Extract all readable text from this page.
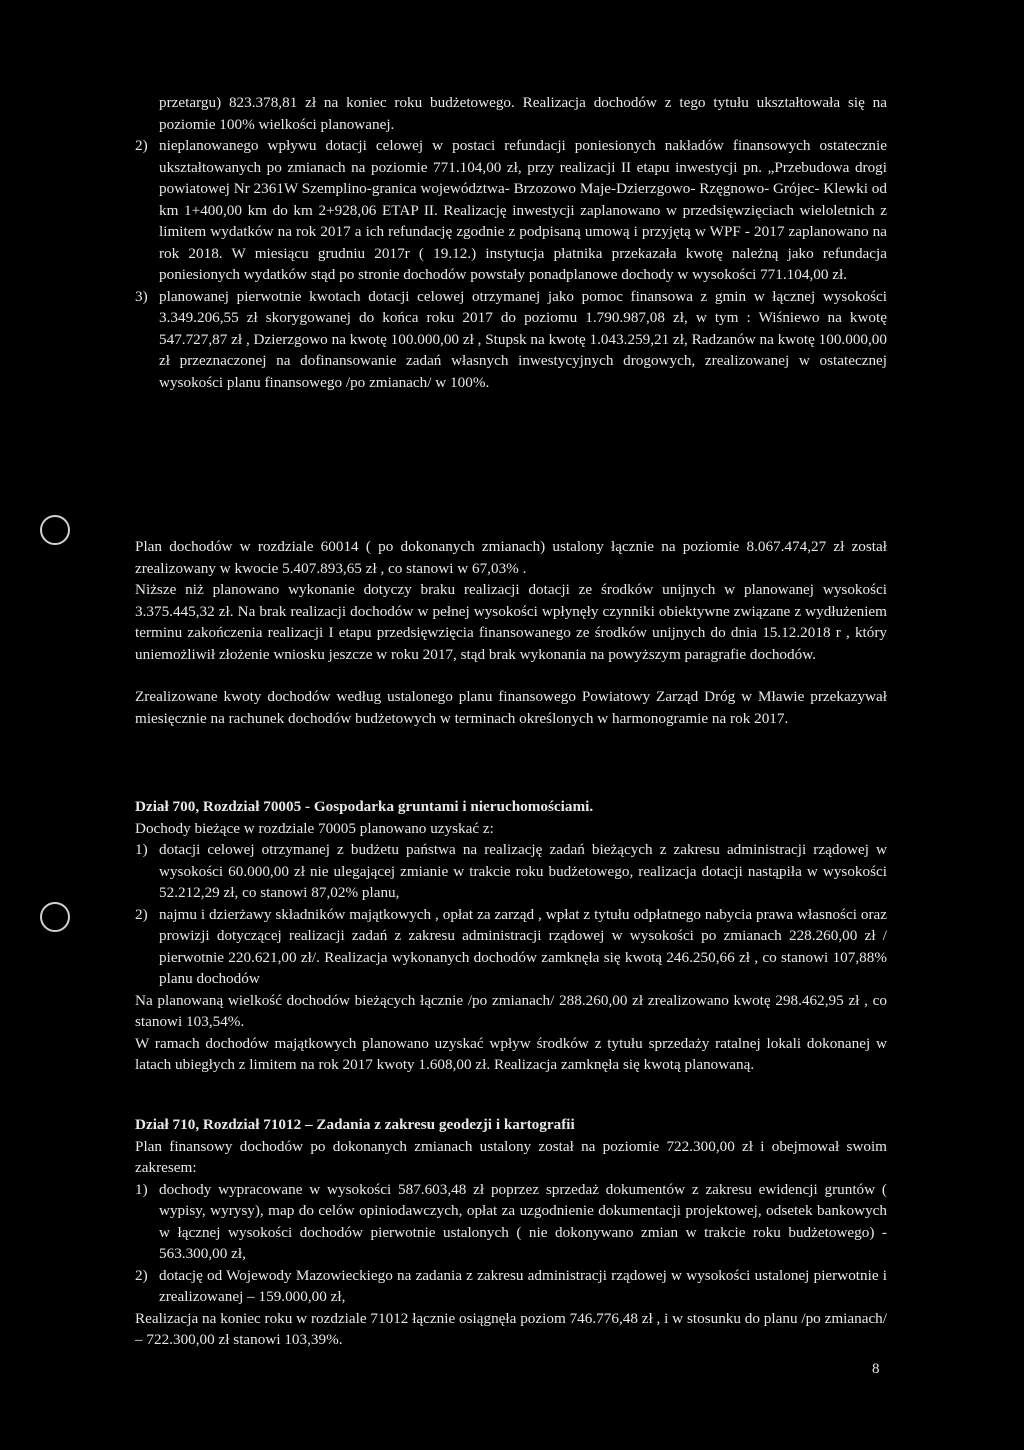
przetargu) 823.378,81 zł na koniec roku budżetowego. Realizacja dochodów z tego tytułu ukształtowała się na poziomie 100% wielkości planowanej.
2) nieplanowanego wpływu dotacji celowej w postaci refundacji poniesionych nakładów finansowych ostatecznie ukształtowanych po zmianach na poziomie 771.104,00 zł, przy realizacji II etapu inwestycji pn. „Przebudowa drogi powiatowej Nr 2361W Szemplino-granica województwa- Brzozowo Maje-Dzierzgowo- Rzęgnowo- Grójec- Klewki od km 1+400,00 km do km 2+928,06 ETAP II. Realizację inwestycji zaplanowano w przedsięwzięciach wieloletnich z limitem wydatków na rok 2017 a ich refundację zgodnie z podpisaną umową i przyjętą w WPF - 2017 zaplanowano na rok 2018. W miesiącu grudniu 2017r ( 19.12.) instytucja płatnika przekazała kwotę należną jako refundacja poniesionych wydatków stąd po stronie dochodów powstały ponadplanowe dochody w wysokości 771.104,00 zł.
3) planowanej pierwotnie kwotach dotacji celowej otrzymanej jako pomoc finansowa z gmin w łącznej wysokości 3.349.206,55 zł skorygowanej do końca roku 2017 do poziomu 1.790.987,08 zł, w tym : Wiśniewo na kwotę 547.727,87 zł , Dzierzgowo na kwotę 100.000,00 zł , Stupsk na kwotę 1.043.259,21 zł, Radzanów na kwotę 100.000,00 zł przeznaczonej na dofinansowanie zadań własnych inwestycyjnych drogowych, zrealizowanej w ostatecznej wysokości planu finansowego /po zmianach/ w 100%.

Plan dochodów w rozdziale 60014 ( po dokonanych zmianach) ustalony łącznie na poziomie 8.067.474,27 zł został zrealizowany w kwocie 5.407.893,65 zł , co stanowi w 67,03% .

Niższe niż planowano wykonanie dotyczy braku realizacji dotacji ze środków unijnych w planowanej wysokości 3.375.445,32 zł. Na brak realizacji dochodów w pełnej wysokości wpłynęły czynniki obiektywne związane z wydłużeniem terminu zakończenia realizacji I etapu przedsięwzięcia finansowanego ze środków unijnych do dnia 15.12.2018 r , który uniemożliwił złożenie wniosku jeszcze w roku 2017, stąd brak wykonania na powyższym paragrafie dochodów.

Zrealizowane kwoty dochodów według ustalonego planu finansowego Powiatowy Zarząd Dróg w Mławie przekazywał miesięcznie na rachunek dochodów budżetowych w terminach określonych w harmonogramie na rok 2017.

Dział 700, Rozdział 70005 - Gospodarka gruntami i nieruchomościami.

Dochody bieżące w rozdziale 70005 planowano uzyskać z:

1) dotacji celowej otrzymanej z budżetu państwa na realizację zadań bieżących z zakresu administracji rządowej w wysokości 60.000,00 zł nie ulegającej zmianie w trakcie roku budżetowego, realizacja dotacji nastąpiła w wysokości 52.212,29 zł, co stanowi 87,02% planu,
2) najmu i dzierżawy składników majątkowych , opłat za zarząd , wpłat z tytułu odpłatnego nabycia prawa własności oraz prowizji dotyczącej realizacji zadań z zakresu administracji rządowej w wysokości po zmianach 228.260,00 zł / pierwotnie 220.621,00 zł/. Realizacja wykonanych dochodów zamknęła się kwotą 246.250,66 zł , co stanowi 107,88% planu dochodów

Na planowaną wielkość dochodów bieżących łącznie /po zmianach/ 288.260,00 zł zrealizowano kwotę 298.462,95 zł , co stanowi 103,54%.

W ramach dochodów majątkowych planowano uzyskać wpływ środków z tytułu sprzedaży ratalnej lokali dokonanej w latach ubiegłych z limitem na rok 2017 kwoty 1.608,00 zł. Realizacja zamknęła się kwotą planowaną.

Dział 710, Rozdział 71012 – Zadania z zakresu geodezji i kartografii

Plan finansowy dochodów po dokonanych zmianach ustalony został na poziomie 722.300,00 zł i obejmował swoim zakresem:

1) dochody wypracowane w wysokości 587.603,48 zł poprzez sprzedaż dokumentów z zakresu ewidencji gruntów ( wypisy, wyrysy), map do celów opiniodawczych, opłat za uzgodnienie dokumentacji projektowej, odsetek bankowych w łącznej wysokości dochodów pierwotnie ustalonych ( nie dokonywano zmian w trakcie roku budżetowego) - 563.300,00 zł,
2) dotację od Wojewody Mazowieckiego na zadania z zakresu administracji rządowej w wysokości ustalonej pierwotnie i zrealizowanej – 159.000,00 zł,

Realizacja na koniec roku w rozdziale 71012 łącznie osiągnęła poziom 746.776,48 zł , i w stosunku do planu /po zmianach/ – 722.300,00 zł stanowi 103,39%.

8
